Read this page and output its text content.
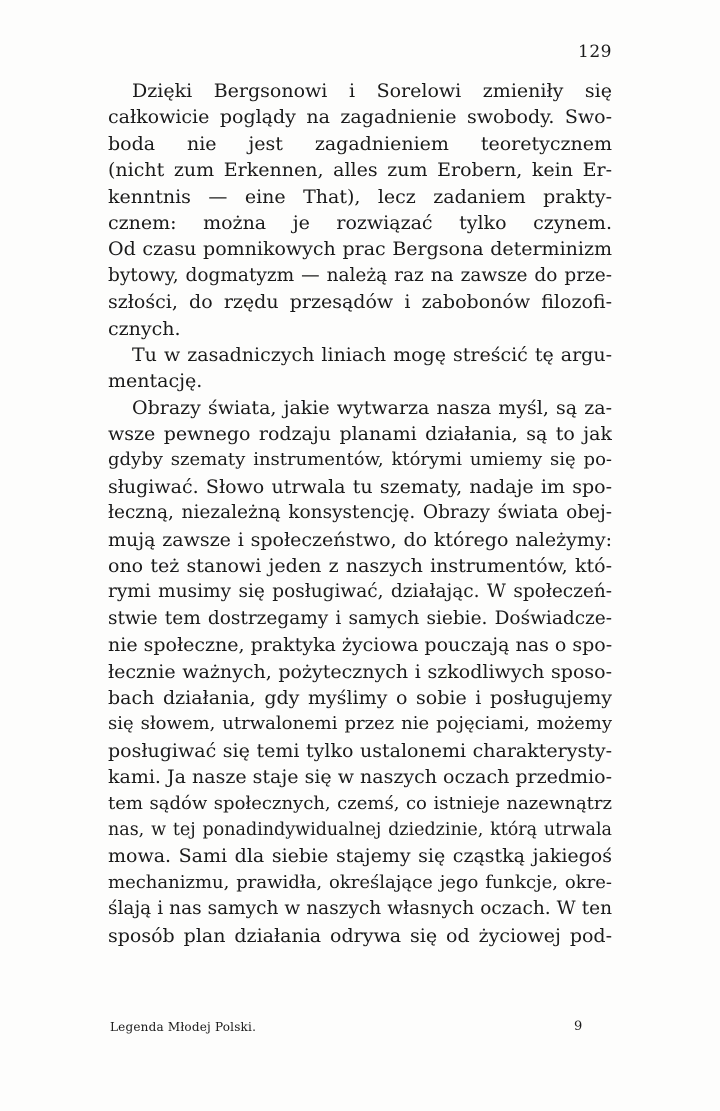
129
Dzięki Bergsonowi i Sorelowi zmieniły się
całkowicie poglądy na zagadnienie swobody. Swo-
boda nie jest zagadnieniem teoretycznem
(nicht zum Erkennen, alles zum Erobern, kein Er-
kenntnis — eine That), lecz zadaniem prakty-
cznem: można je rozwiązać tylko czynem.
Od czasu pomnikowych prac Bergsona determinizm
bytowy, dogmatyzm — należą raz na zawsze do prze-
szłości, do rzędu przesądów i zabobonów filozofi-
cznych.
Tu w zasadniczych liniach mogę streścić tę argu-
mentację.
Obrazy świata, jakie wytwarza nasza myśl, są za-
wsze pewnego rodzaju planami działania, są to jak
gdyby szematy instrumentów, którymi umiemy się po-
sługiwać. Słowo utrwala tu szematy, nadaje im spo-
łeczną, niezależną konsystencję. Obrazy świata obej-
mują zawsze i społeczeństwo, do którego należymy:
ono też stanowi jeden z naszych instrumentów, któ-
rymi musimy się posługiwać, działając. W społeczeń-
stwie tem dostrzegamy i samych siebie. Doświadcze-
nie społeczne, praktyka życiowa pouczają nas o spo-
łecznie ważnych, pożytecznych i szkodliwych sposo-
bach działania, gdy myślimy o sobie i posługujemy
się słowem, utrwalonemi przez nie pojęciami, możemy
posługiwać się temi tylko ustalonemi charakterysty-
kami. Ja nasze staje się w naszych oczach przedmio-
tem sądów społecznych, czemś, co istnieje nazewnątrz
nas, w tej ponadindywidualnej dziedzinie, którą utrwala
mowa. Sami dla siebie stajemy się cząstką jakiegoś
mechanizmu, prawidła, określające jego funkcje, okre-
ślają i nas samych w naszych własnych oczach. W ten
sposób plan działania odrywa się od życiowej pod-
Legenda Młodej Polski.	9
